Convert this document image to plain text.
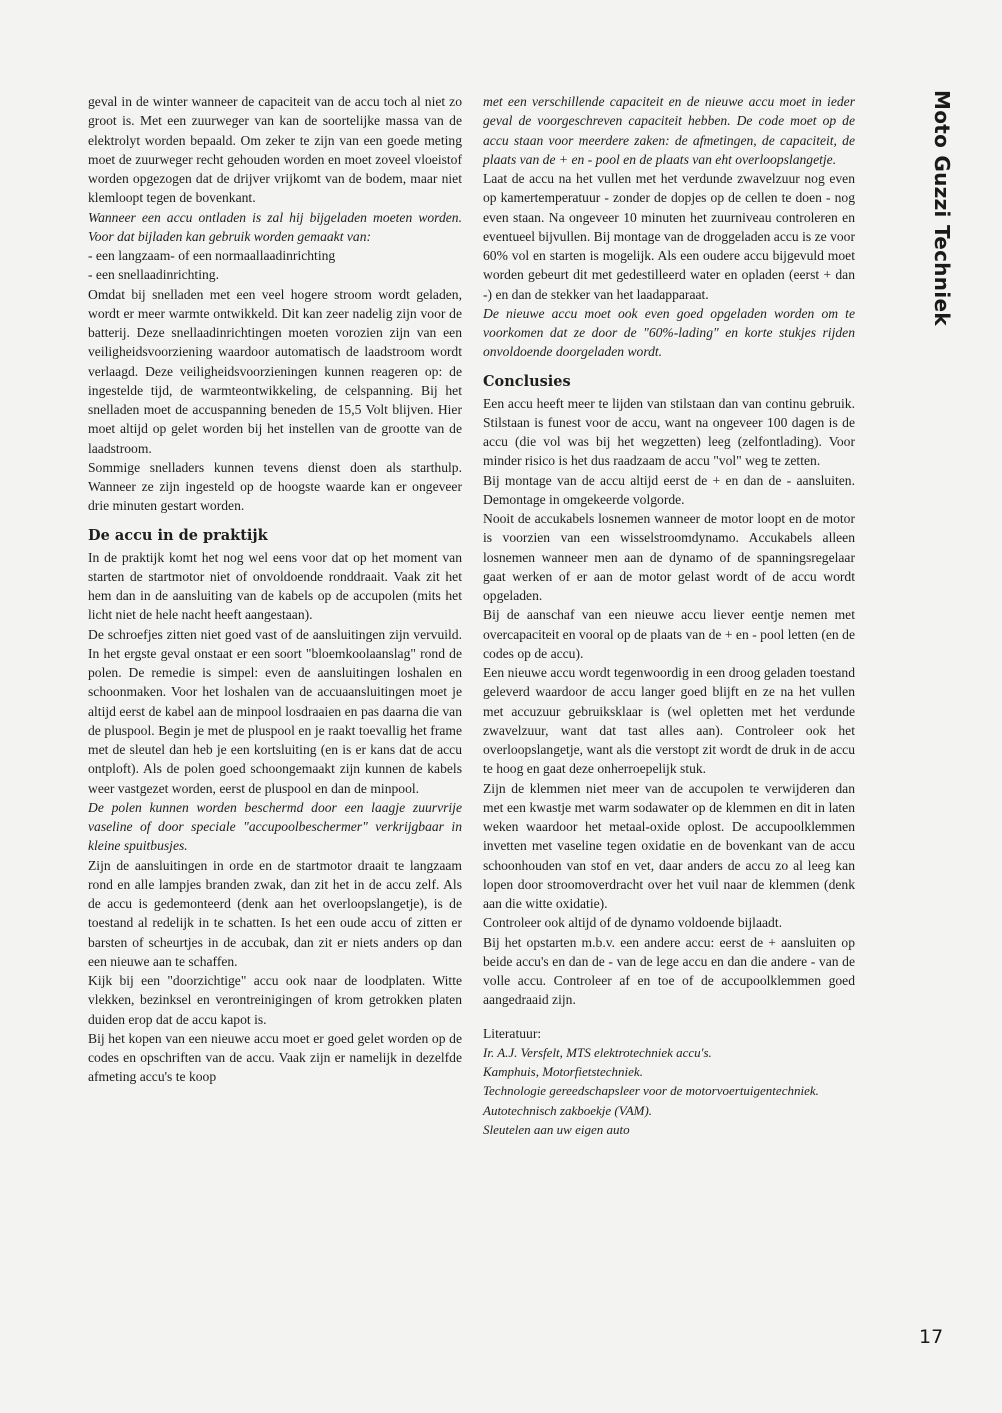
geval in de winter wanneer de capaciteit van de accu toch al niet zo groot is. Met een zuurweger van kan de soortelijke massa van de elektrolyt worden bepaald. Om zeker te zijn van een goede meting moet de zuurweger recht gehouden worden en moet zoveel vloeistof worden opgezogen dat de drijver vrijkomt van de bodem, maar niet klemloopt tegen de bovenkant.

Wanneer een accu ontladen is zal hij bijgeladen moeten worden. Voor dat bijladen kan gebruik worden gemaakt van:

- een langzaam- of een normaallaadinrichting

- een snellaadinrichting.

Omdat bij snelladen met een veel hogere stroom wordt geladen, wordt er meer warmte ontwikkeld. Dit kan zeer nadelig zijn voor de batterij. Deze snellaadinrichtingen moeten vorozien zijn van een veiligheidsvoorziening waardoor automatisch de laadstroom wordt verlaagd. Deze veiligheidsvoorzieningen kunnen reageren op: de ingestelde tijd, de warmteontwikkeling, de celspanning. Bij het snelladen moet de accuspanning beneden de 15,5 Volt blijven. Hier moet altijd op gelet worden bij het instellen van de grootte van de laadstroom.

Sommige snelladers kunnen tevens dienst doen als starthulp. Wanneer ze zijn ingesteld op de hoogste waarde kan er ongeveer drie minuten gestart worden.

De accu in de praktijk

In de praktijk komt het nog wel eens voor dat op het moment van starten de startmotor niet of onvoldoende ronddraait. Vaak zit het hem dan in de aansluiting van de kabels op de accupolen (mits het licht niet de hele nacht heeft aangestaan).

De schroefjes zitten niet goed vast of de aansluitingen zijn vervuild. In het ergste geval onstaat er een soort "bloemkoolaanslag" rond de polen. De remedie is simpel: even de aansluitingen loshalen en schoonmaken. Voor het loshalen van de accuaansluitingen moet je altijd eerst de kabel aan de minpool losdraaien en pas daarna die van de pluspool. Begin je met de pluspool en je raakt toevallig het frame met de sleutel dan heb je een kortsluiting (en is er kans dat de accu ontploft). Als de polen goed schoongemaakt zijn kunnen de kabels weer vastgezet worden, eerst de pluspool en dan de minpool.

De polen kunnen worden beschermd door een laagje zuurvrije vaseline of door speciale "accupoolbeschermer" verkrijgbaar in kleine spuitbusjes.

Zijn de aansluitingen in orde en de startmotor draait te langzaam rond en alle lampjes branden zwak, dan zit het in de accu zelf. Als de accu is gedemonteerd (denk aan het overloopslangetje), is de toestand al redelijk in te schatten. Is het een oude accu of zitten er barsten of scheurtjes in de accubak, dan zit er niets anders op dan een nieuwe aan te schaffen.

Kijk bij een "doorzichtige" accu ook naar de loodplaten. Witte vlekken, bezinksel en verontreinigingen of krom getrokken platen duiden erop dat de accu kapot is.

Bij het kopen van een nieuwe accu moet er goed gelet worden op de codes en opschriften van de accu. Vaak zijn er namelijk in dezelfde afmeting accu's te koop

met een verschillende capaciteit en de nieuwe accu moet in ieder geval de voorgeschreven capaciteit hebben. De code moet op de accu staan voor meerdere zaken: de afmetingen, de capaciteit, de plaats van de + en - pool en de plaats van eht overloopslangetje.

Laat de accu na het vullen met het verdunde zwavelzuur nog even op kamertemperatuur - zonder de dopjes op de cellen te doen - nog even staan. Na ongeveer 10 minuten het zuurniveau controleren en eventueel bijvullen. Bij montage van de droggeladen accu is ze voor 60% vol en starten is mogelijk. Als een oudere accu bijgevuld moet worden gebeurt dit met gedestilleerd water en opladen (eerst + dan -) en dan de stekker van het laadapparaat.

De nieuwe accu moet ook even goed opgeladen worden om te voorkomen dat ze door de "60%-lading" en korte stukjes rijden onvoldoende doorgeladen wordt.

Conclusies

Een accu heeft meer te lijden van stilstaan dan van continu gebruik. Stilstaan is funest voor de accu, want na ongeveer 100 dagen is de accu (die vol was bij het wegzetten) leeg (zelfontlading). Voor minder risico is het dus raadzaam de accu "vol" weg te zetten.

Bij montage van de accu altijd eerst de + en dan de - aansluiten. Demontage in omgekeerde volgorde.

Nooit de accukabels losnemen wanneer de motor loopt en de motor is voorzien van een wisselstroomdynamo. Accukabels alleen losnemen wanneer men aan de dynamo of de spanningsregelaar gaat werken of er aan de motor gelast wordt of de accu wordt opgeladen.

Bij de aanschaf van een nieuwe accu liever eentje nemen met overcapaciteit en vooral op de plaats van de + en - pool letten (en de codes op de accu).

Een nieuwe accu wordt tegenwoordig in een droog geladen toestand geleverd waardoor de accu langer goed blijft en ze na het vullen met accuzuur gebruiksklaar is (wel opletten met het verdunde zwavelzuur, want dat tast alles aan). Controleer ook het overloopslangetje, want als die verstopt zit wordt de druk in de accu te hoog en gaat deze onherroepelijk stuk.

Zijn de klemmen niet meer van de accupolen te verwijderen dan met een kwastje met warm sodawater op de klemmen en dit in laten weken waardoor het metaal-oxide oplost. De accupoolklemmen invetten met vaseline tegen oxidatie en de bovenkant van de accu schoonhouden van stof en vet, daar anders de accu zo al leeg kan lopen door stroomoverdracht over het vuil naar de klemmen (denk aan die witte oxidatie).

Controleer ook altijd of de dynamo voldoende bijlaadt.

Bij het opstarten m.b.v. een andere accu: eerst de + aansluiten op beide accu's en dan de - van de lege accu en dan die andere - van de volle accu. Controleer af en toe of de accupoolklemmen goed aangedraaid zijn.

Literatuur:

Ir. A.J. Versfelt, MTS elektrotechniek accu's.

Kamphuis, Motorfietstechniek.

Technologie gereedschapsleer voor de motorvoertuigentechniek.

Autotechnisch zakboekje (VAM).

Sleutelen aan uw eigen auto

Moto Guzzi Techniek
17
